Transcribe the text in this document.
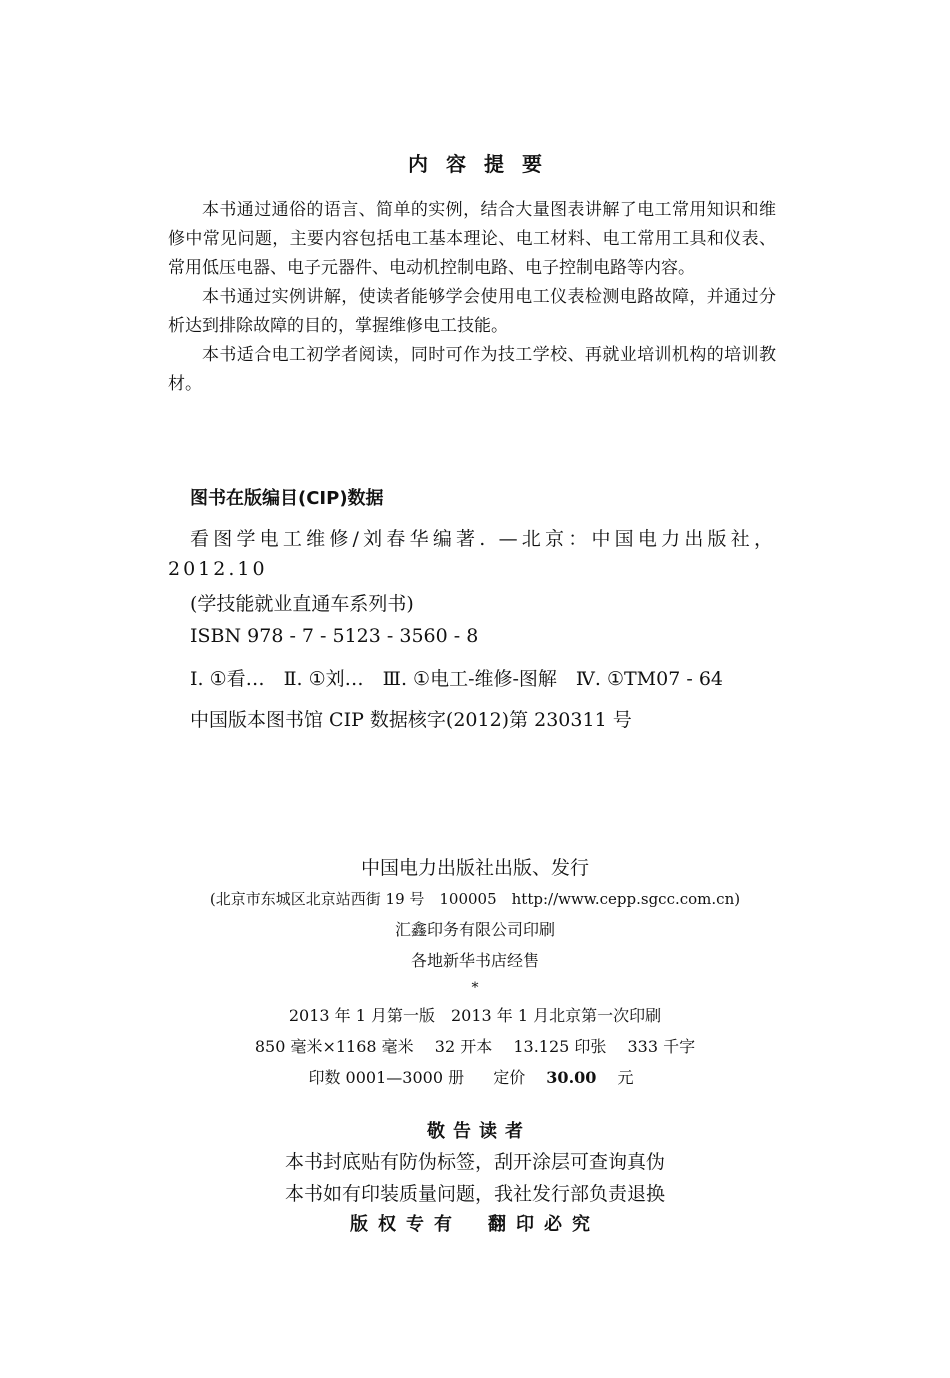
内容提要

本书通过通俗的语言、简单的实例，结合大量图表讲解了电工常用知识和维修中常见问题，主要内容包括电工基本理论、电工材料、电工常用工具和仪表、常用低压电器、电子元器件、电动机控制电路、电子控制电路等内容。

本书通过实例讲解，使读者能够学会使用电工仪表检测电路故障，并通过分析达到排除故障的目的，掌握维修电工技能。

本书适合电工初学者阅读，同时可作为技工学校、再就业培训机构的培训教材。

图书在版编目(CIP)数据
看图学电工维修/刘春华编著. —北京：中国电力出版社，2012.10
(学技能就业直通车系列书)
ISBN 978 - 7 - 5123 - 3560 - 8
Ⅰ. ①看…　Ⅱ. ①刘…　Ⅲ. ①电工-维修-图解　Ⅳ. ①TM07 - 64
中国版本图书馆 CIP 数据核字(2012)第 230311 号
中国电力出版社出版、发行
(北京市东城区北京站西街 19 号　100005　http://www.cepp.sgcc.com.cn)
汇鑫印务有限公司印刷
各地新华书店经售
*
2013 年 1 月第一版　2013 年 1 月北京第一次印刷
850 毫米×1168 毫米 32 开本 13.125 印张 333 千字
印数 0001—3000 册 定价 30.00 元
敬告读者
本书封底贴有防伪标签，刮开涂层可查询真伪
本书如有印装质量问题，我社发行部负责退换
版权专有 翻印必究
